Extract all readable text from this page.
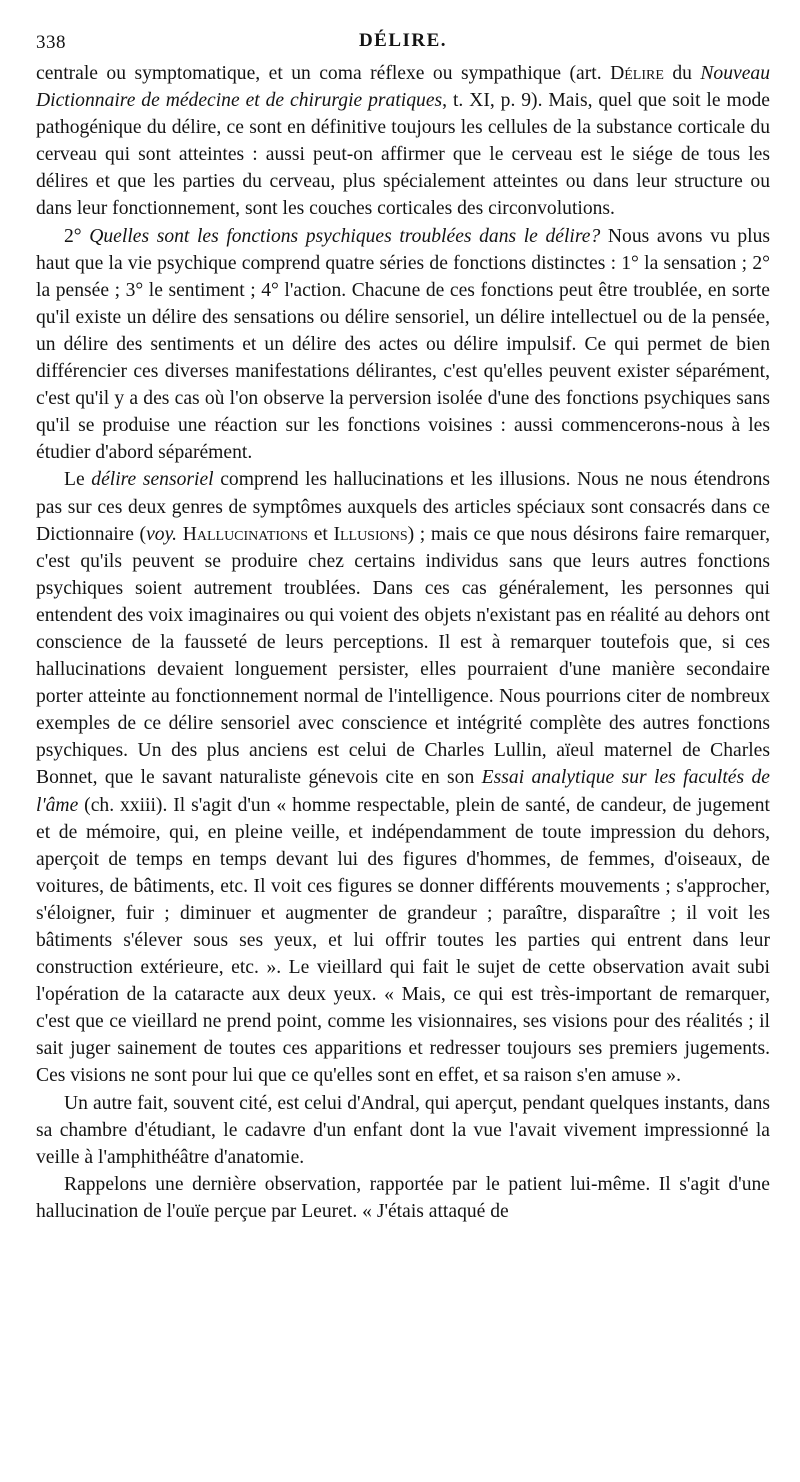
338	DÉLIRE.

centrale ou symptomatique, et un coma réflexe ou sympathique (art. Délire du Nouveau Dictionnaire de médecine et de chirurgie pratiques, t. XI, p. 9). Mais, quel que soit le mode pathogénique du délire, ce sont en définitive toujours les cellules de la substance corticale du cerveau qui sont atteintes : aussi peut-on affirmer que le cerveau est le siége de tous les délires et que les parties du cerveau, plus spécialement atteintes ou dans leur structure ou dans leur fonctionnement, sont les couches corticales des circonvolutions.

2° Quelles sont les fonctions psychiques troublées dans le délire? Nous avons vu plus haut que la vie psychique comprend quatre séries de fonctions distinctes : 1° la sensation ; 2° la pensée ; 3° le sentiment ; 4° l'action. Chacune de ces fonctions peut être troublée, en sorte qu'il existe un délire des sensations ou délire sensoriel, un délire intellectuel ou de la pensée, un délire des sentiments et un délire des actes ou délire impulsif. Ce qui permet de bien différencier ces diverses manifestations délirantes, c'est qu'elles peuvent exister séparément, c'est qu'il y a des cas où l'on observe la perversion isolée d'une des fonctions psychiques sans qu'il se produise une réaction sur les fonctions voisines : aussi commencerons-nous à les étudier d'abord séparément.

Le délire sensoriel comprend les hallucinations et les illusions. Nous ne nous étendrons pas sur ces deux genres de symptômes auxquels des articles spéciaux sont consacrés dans ce Dictionnaire (voy. Hallucinations et Illusions) ; mais ce que nous désirons faire remarquer, c'est qu'ils peuvent se produire chez certains individus sans que leurs autres fonctions psychiques soient autrement troublées. Dans ces cas généralement, les personnes qui entendent des voix imaginaires ou qui voient des objets n'existant pas en réalité au dehors ont conscience de la fausseté de leurs perceptions. Il est à remarquer toutefois que, si ces hallucinations devaient longuement persister, elles pourraient d'une manière secondaire porter atteinte au fonctionnement normal de l'intelligence. Nous pourrions citer de nombreux exemples de ce délire sensoriel avec conscience et intégrité complète des autres fonctions psychiques. Un des plus anciens est celui de Charles Lullin, aïeul maternel de Charles Bonnet, que le savant naturaliste génevois cite en son Essai analytique sur les facultés de l'âme (ch. xxiii). Il s'agit d'un « homme respectable, plein de santé, de candeur, de jugement et de mémoire, qui, en pleine veille, et indépendamment de toute impression du dehors, aperçoit de temps en temps devant lui des figures d'hommes, de femmes, d'oiseaux, de voitures, de bâtiments, etc. Il voit ces figures se donner différents mouvements ; s'approcher, s'éloigner, fuir ; diminuer et augmenter de grandeur ; paraître, disparaître ; il voit les bâtiments s'élever sous ses yeux, et lui offrir toutes les parties qui entrent dans leur construction extérieure, etc. ». Le vieillard qui fait le sujet de cette observation avait subi l'opération de la cataracte aux deux yeux. « Mais, ce qui est très-important de remarquer, c'est que ce vieillard ne prend point, comme les visionnaires, ses visions pour des réalités ; il sait juger sainement de toutes ces apparitions et redresser toujours ses premiers jugements. Ces visions ne sont pour lui que ce qu'elles sont en effet, et sa raison s'en amuse ».

Un autre fait, souvent cité, est celui d'Andral, qui aperçut, pendant quelques instants, dans sa chambre d'étudiant, le cadavre d'un enfant dont la vue l'avait vivement impressionné la veille à l'amphithéâtre d'anatomie.

Rappelons une dernière observation, rapportée par le patient lui-même. Il s'agit d'une hallucination de l'ouïe perçue par Leuret. « J'étais attaqué de
